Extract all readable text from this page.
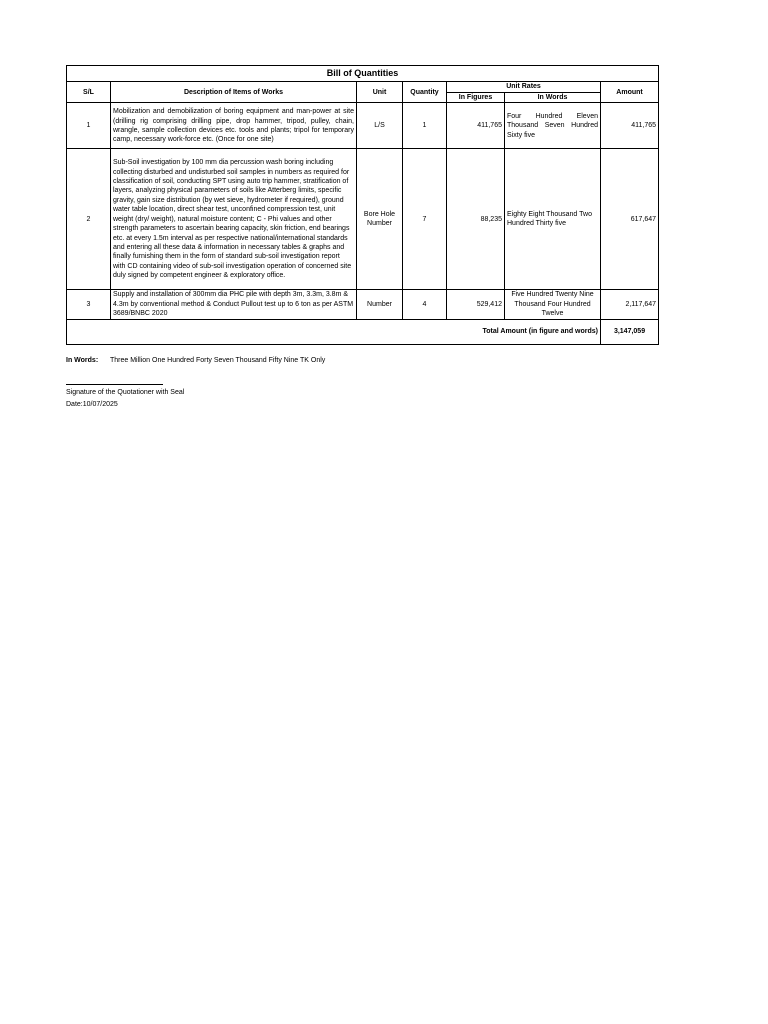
Bill of Quantities						
S/L	Description of Items of Works	Unit	Quantity	Unit Rates		Amount
				In Figures	In Words	
1	Mobilization and demobilization of boring equipment and man-power at site (drilling rig comprising drilling pipe, drop hammer, tripod, pulley, chain, wrangle, sample collection devices etc. tools and plants; tripol for temporary camp, necessary work-force etc. (Once for one site)	L/S	1	411,765	Four Hundred Eleven Thousand Seven Hundred Sixty five	411,765
2	Sub-Soil investigation by 100 mm dia percussion wash boring including collecting disturbed and undisturbed soil samples in numbers as required for classification of soil, conducting SPT using auto trip hammer, stratification of layers, analyzing physical parameters of soils like Atterberg limits, specific gravity, gain size distribution (by wet sieve, hydrometer if required), ground water table location, direct shear test, unconfined compression test, unit weight (dry/ weight), natural moisture content; C - Phi values and other strength parameters to ascertain bearing capacity, skin friction, end bearings etc. at every 1.5m interval as per respective national/international standards and entering all these data & information in necessary tables & graphs and finally furnishing them in the form of standard sub-soil investigation report with CD containing video of sub-soil investigation operation of concerned site duly signed by competent engineer & exploratory office.	Bore Hole Number	7	88,235	Eighty Eight Thousand Two Hundred Thirty five	617,647
3	Supply and installation of 300mm dia PHC pile with depth 3m, 3.3m, 3.8m & 4.3m by conventional method & Conduct Pullout test up to 6 ton as per ASTM 3689/BNBC 2020	Number	4	529,412	Five Hundred Twenty Nine Thousand Four Hundred Twelve	2,117,647
Total Amount (in figure and words)						3,147,059
In Words: Three Million One Hundred Forty Seven Thousand Fifty Nine TK Only
Signature of the Quotationer with Seal
Date:10/07/2025
